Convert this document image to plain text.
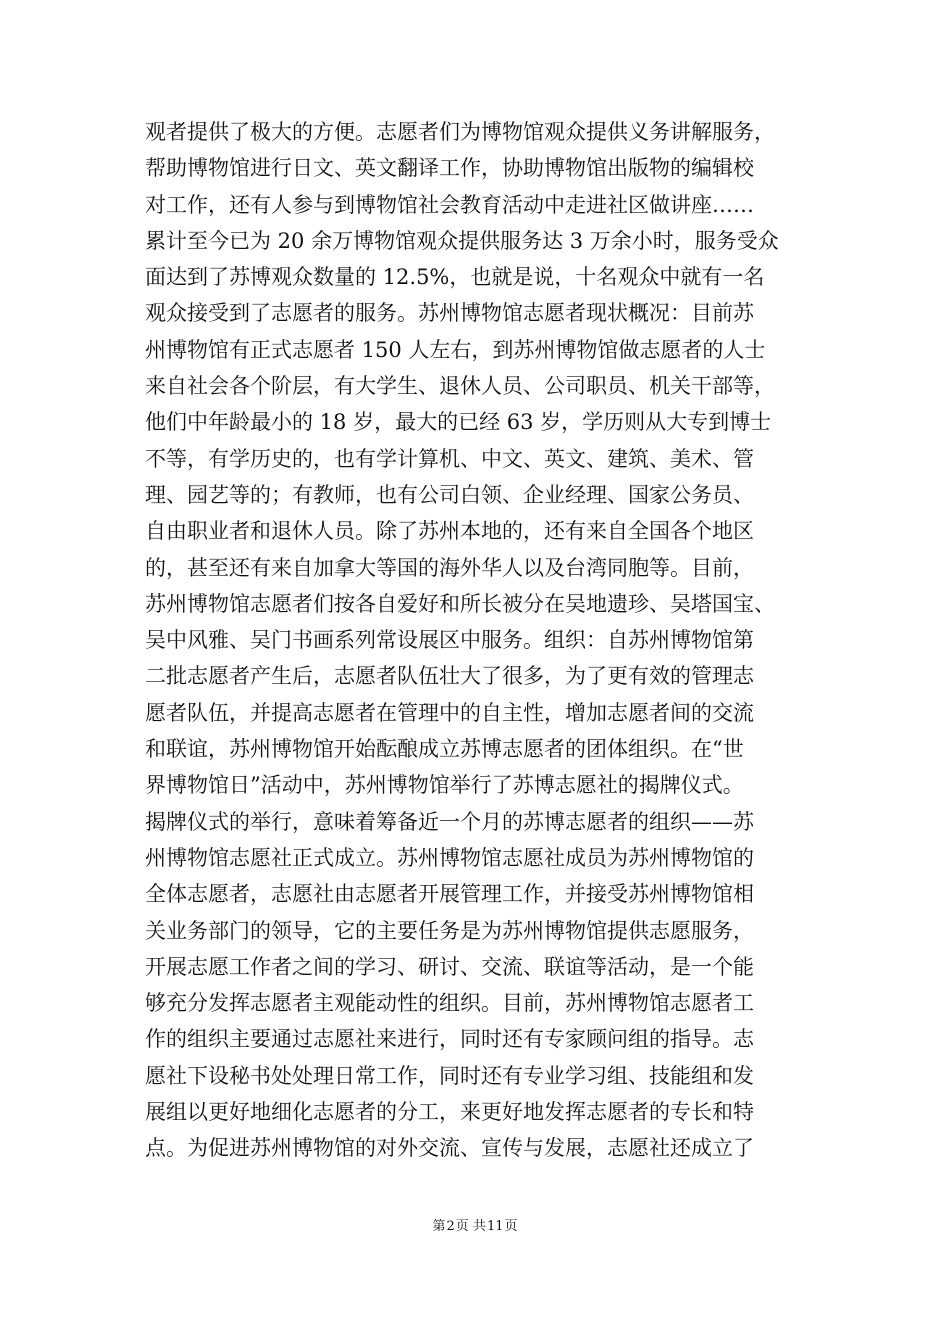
观者提供了极大的方便。志愿者们为博物馆观众提供义务讲解服务，
帮助博物馆进行日文、英文翻译工作，协助博物馆出版物的编辑校
对工作，还有人参与到博物馆社会教育活动中走进社区做讲座……
累计至今已为 20 余万博物馆观众提供服务达 3 万余小时，服务受众
面达到了苏博观众数量的 12.5%，也就是说，十名观众中就有一名
观众接受到了志愿者的服务。苏州博物馆志愿者现状概况：目前苏
州博物馆有正式志愿者 150 人左右，到苏州博物馆做志愿者的人士
来自社会各个阶层，有大学生、退休人员、公司职员、机关干部等，
他们中年龄最小的 18 岁，最大的已经 63 岁，学历则从大专到博士
不等，有学历史的，也有学计算机、中文、英文、建筑、美术、管
理、园艺等的；有教师，也有公司白领、企业经理、国家公务员、
自由职业者和退休人员。除了苏州本地的，还有来自全国各个地区
的，甚至还有来自加拿大等国的海外华人以及台湾同胞等。目前，
苏州博物馆志愿者们按各自爱好和所长被分在吴地遗珍、吴塔国宝、
吴中风雅、吴门书画系列常设展区中服务。组织：自苏州博物馆第
二批志愿者产生后，志愿者队伍壮大了很多，为了更有效的管理志
愿者队伍，并提高志愿者在管理中的自主性，增加志愿者间的交流
和联谊，苏州博物馆开始酝酿成立苏博志愿者的团体组织。在“世
界博物馆日”活动中，苏州博物馆举行了苏博志愿社的揭牌仪式。
揭牌仪式的举行，意味着筹备近一个月的苏博志愿者的组织——苏
州博物馆志愿社正式成立。苏州博物馆志愿社成员为苏州博物馆的
全体志愿者，志愿社由志愿者开展管理工作，并接受苏州博物馆相
关业务部门的领导，它的主要任务是为苏州博物馆提供志愿服务，
开展志愿工作者之间的学习、研讨、交流、联谊等活动，是一个能
够充分发挥志愿者主观能动性的组织。目前，苏州博物馆志愿者工
作的组织主要通过志愿社来进行，同时还有专家顾问组的指导。志
愿社下设秘书处处理日常工作，同时还有专业学习组、技能组和发
展组以更好地细化志愿者的分工，来更好地发挥志愿者的专长和特
点。为促进苏州博物馆的对外交流、宣传与发展，志愿社还成立了
第2页 共11页
